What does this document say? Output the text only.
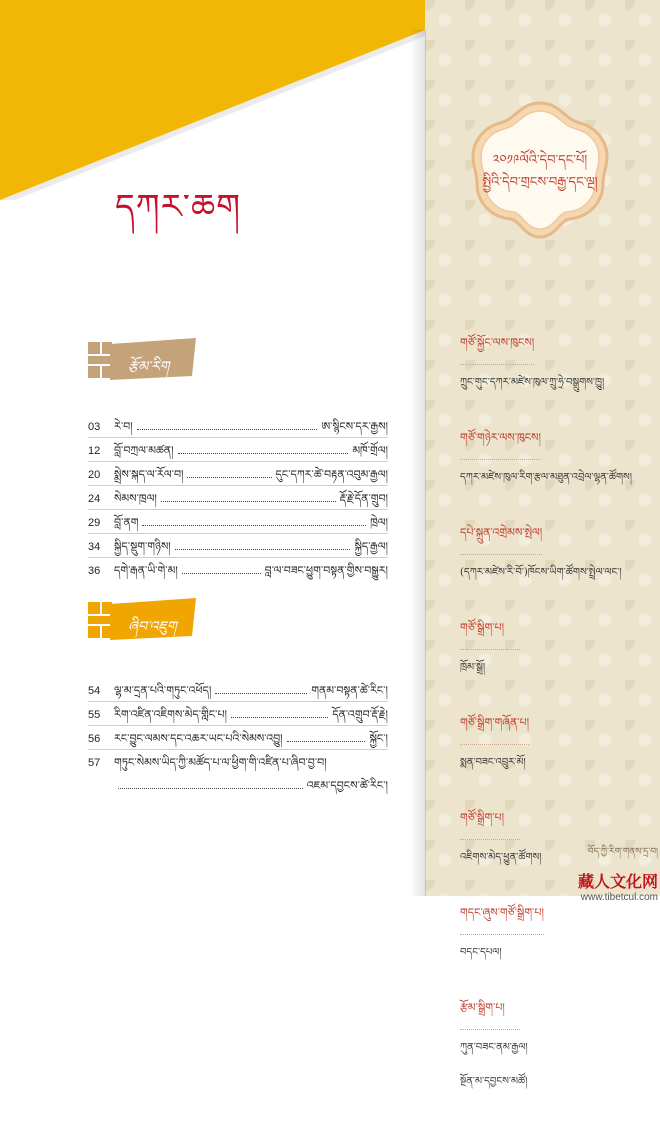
དཀར་ཆག
༢༠༡༩ལོའི་དེབ་དང་པོ།
སྤྱིའི་དེབ་གྲངས་བརྒྱ་དང་ལྔ།
རྩོམ་རིག
03	རེ་བ།	ཨ་སྙིངས་དར་རྒྱས།
12	བློ་བཀྲལ་མཚན།	མཁོ་གྲོལ།
20	སྨྲེས་སྐད་ལ་རོལ་བ།	དུང་དཀར་ཚེ་བརྟན་འབུམ་རྒྱལ།
24	སེམས་ཁྲལ།	རྡོ་རྗེ་དོན་གྲུབ།
29	བློ་ནག	ཁྲེལ།
34	སྐྱིད་སྡུག་གཉིས།	སྐྱིད་རྒྱལ།
36	དགེ་རྒན་ཡི་གེ་མ།	བླ་ལ་བཟང་ཕྱུག་བསྟན་གྱིས་བསྒྱུར།
ཞིབ་འཇུག
54	ལྷ་མ་དྲན་པའི་གཏུང་འཕོད།	གནམ་བསྟན་ཚེ་རིང་།
55	རིག་འཛིན་འཇིགས་མེད་གླིང་པ།	དོན་འགྲུབ་རྡོ་རྗེ།
56	རང་བྱུང་ལམས་དང་འཆར་ཡང་པའི་སེམས་འབྱུ།	སྐྱོང་།
57	གཏུང་སེམས་ཡིད་ཀྱི་མཚོད་པ་ལ་ཕྱིག་གི་འཛིན་པ་ཞིབ་བྱ་བ།
འཇམ་དབྱངས་ཚེ་རིང་།
གཙོ་སྐྱོང་ལས་ཁུངས།
ཀྲུང་གུང་དཀར་མཛེས་ཁུལ་ཀྲུ་ཧྲེ་བསྒྲུགས་ཁྱུ།
གཙོ་གཉེར་ལས་ཁུངས།
དཀར་མཛེས་ཁུལ་རིག་རྩལ་མཐུན་འབྲེལ་ལྷན་ཚོགས།
དཔེ་སྐྲུན་འགྲེམས་སྤེལ།
(དཀར་མཛེས་རི་བོ་)ཁོངས་ཡིག་ཚོགས་སྤྲེལ་ལང་།
གཙོ་སྒྲིག་པ།
ཁྲོམ་སྒྲོ།
གཙོ་སྒྲིག་གཞོན་པ།
སྨན་བཟང་འབྲུར་མོ།
གཙོ་སྒྲིག་པ།
འཇིགས་མེད་ཕྱུན་ཚོགས།
གདང་ཞུས་གཙོ་སྒྲིག་པ།
བདང་དཔལ།
རྩོམ་སྒྲིག་པ།
ཀུན་བཟང་ནམ་རྒྱལ།
སྔོན་མ་དབྱངས་མཚོ།
བོད་ཀྱི་རིག་གནས་དྲ་བ།
藏人文化网
www.tibetcul.com
